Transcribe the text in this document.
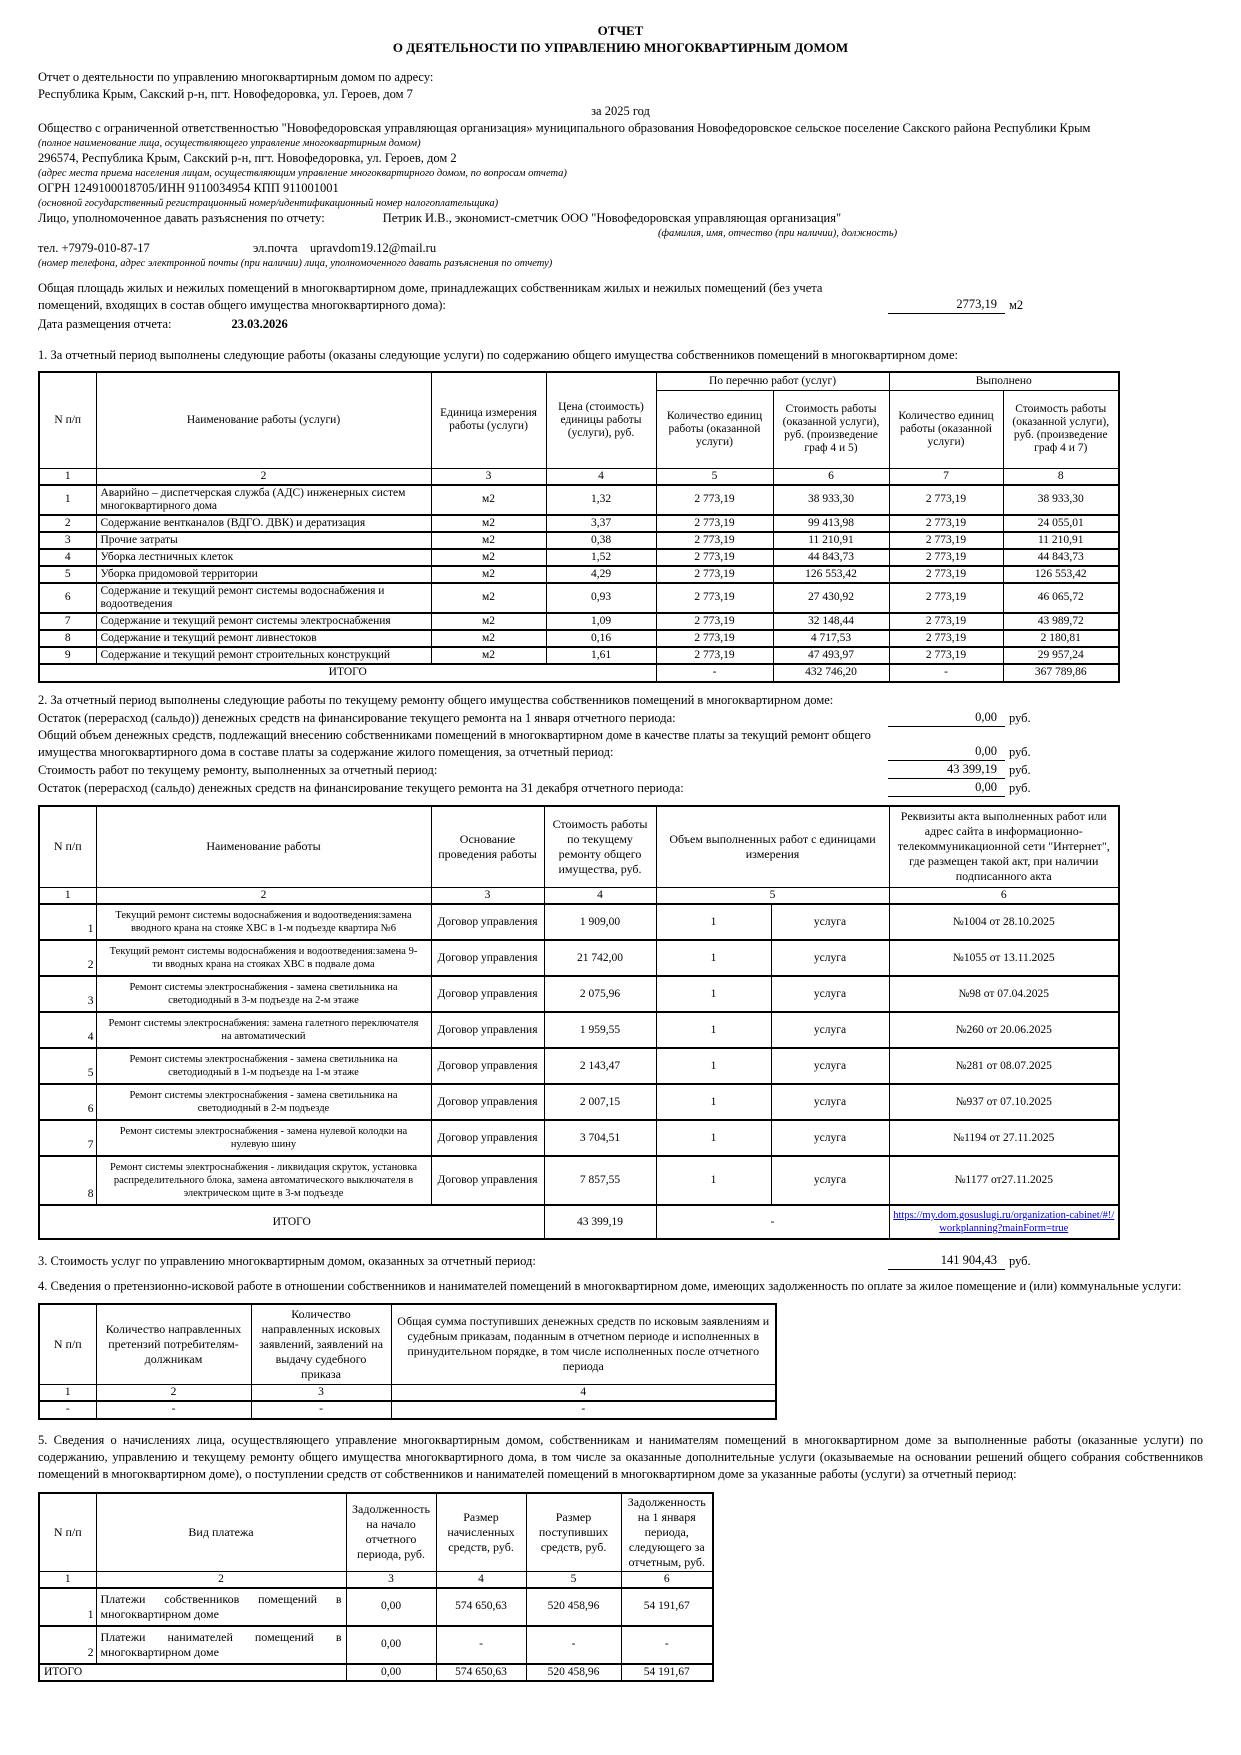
ОТЧЕТ
О ДЕЯТЕЛЬНОСТИ ПО УПРАВЛЕНИЮ МНОГОКВАРТИРНЫМ ДОМОМ
Отчет о деятельности по управлению многоквартирным домом по адресу:
Республика Крым, Сакский р-н, пгт. Новофедоровка, ул. Героев, дом 7
за 2025 год
Общество с ограниченной ответственностью "Новофедоровская управляющая организация» муниципального образования Новофедоровское сельское поселение Сакского района Республики Крым
(полное наименование лица, осуществляющего управление многоквартирным домом)
296574, Республика Крым, Сакский р-н, пгт. Новофедоровка, ул. Героев, дом 2
(адрес места приема населения лицам, осуществляющим управление многоквартирного домом, по вопросам отчета)
ОГРН 1249100018705/ИНН 9110034954 КПП 911001001
(основной государственный регистрационный номер/идентификационный номер налогоплательщика)
Лицо, уполномоченное давать разъяснения по отчету:	Петрик И.В., экономист-сметчик ООО "Новофедоровская управляющая организация"
(фамилия, имя, отчество (при наличии), должность)
тел. +7979-010-87-17	эл.почта upravdom19.12@mail.ru
(номер телефона, адрес электронной почты (при наличии) лица, уполномоченного давать разъяснения по отчету)
Общая площадь жилых и нежилых помещений в многоквартирном доме, принадлежащих собственникам жилых и нежилых помещений (без учета помещений, входящих в состав общего имущества многоквартирного дома):	2773,19 м2
Дата размещения отчета:	23.03.2026
1. За отчетный период выполнены следующие работы (оказаны следующие услуги) по содержанию общего имущества собственников помещений в многоквартирном доме:
N п/п	Наименование работы (услуги)	Единица измерения работы (услуги)	Цена (стоимость) единицы работы (услуги), руб.	По перечню работ (услуг)		Выполнено	
				Количество единиц работы (оказанной услуги)	Стоимость работы (оказанной услуги), руб. (произведение граф 4 и 5)	Количество единиц работы (оказанной услуги)	Стоимость работы (оказанной услуги), руб. (произведение граф 4 и 7)
1	2	3	4	5	6	7	8
1	Аварийно – диспетчерская служба (АДС) инженерных систем многоквартирного дома	м2	1,32	2 773,19	38 933,30	2 773,19	38 933,30
2	Содержание вентканалов (ВДГО. ДВК) и дератизация	м2	3,37	2 773,19	99 413,98	2 773,19	24 055,01
3	Прочие затраты	м2	0,38	2 773,19	11 210,91	2 773,19	11 210,91
4	Уборка лестничных клеток	м2	1,52	2 773,19	44 843,73	2 773,19	44 843,73
5	Уборка придомовой территории	м2	4,29	2 773,19	126 553,42	2 773,19	126 553,42
6	Содержание и текущий ремонт системы водоснабжения и водоотведения	м2	0,93	2 773,19	27 430,92	2 773,19	46 065,72
7	Содержание и текущий ремонт системы электроснабжения	м2	1,09	2 773,19	32 148,44	2 773,19	43 989,72
8	Содержание и текущий ремонт ливнестоков	м2	0,16	2 773,19	4 717,53	2 773,19	2 180,81
9	Содержание и текущий ремонт строительных конструкций	м2	1,61	2 773,19	47 493,97	2 773,19	29 957,24
ИТОГО				-	432 746,20	-	367 789,86
2. За отчетный период выполнены следующие работы по текущему ремонту общего имущества собственников помещений в многоквартирном доме:
Остаток (перерасход (сальдо)) денежных средств на финансирование текущего ремонта на 1 января отчетного периода:	0,00 руб.
Общий объем денежных средств, подлежащий внесению собственниками помещений в многоквартирном доме в качестве платы за текущий ремонт общего имущества многоквартирного дома в составе платы за содержание жилого помещения, за отчетный период:	0,00 руб.
Стоимость работ по текущему ремонту, выполненных за отчетный период:	43 399,19 руб.
Остаток (перерасход (сальдо) денежных средств на финансирование текущего ремонта на 31 декабря отчетного периода:	0,00 руб.
N п/п	Наименование работы	Основание проведения работы	Стоимость работы по текущему ремонту общего имущества, руб.	Объем выполненных работ с единицами измерения		Реквизиты акта выполненных работ или адрес сайта в информационно-телекоммуникационной сети "Интернет", где размещен такой акт, при наличии подписанного акта
1	2	3	4	5		6
1	Текущий ремонт системы водоснабжения и водоотведения:замена вводного крана на стояке ХВС в 1-м подъезде квартира №6	Договор управления	1 909,00	1	услуга	№1004 от 28.10.2025
2	Текущий ремонт системы водоснабжения и водоотведения:замена 9-ти вводных крана на стояках ХВС в подвале дома	Договор управления	21 742,00	1	услуга	№1055 от 13.11.2025
3	Ремонт системы электроснабжения - замена светильника на светодиодный в 3-м подъезде на 2-м этаже	Договор управления	2 075,96	1	услуга	№98 от 07.04.2025
4	Ремонт системы электроснабжения: замена галетного переключателя на автоматический	Договор управления	1 959,55	1	услуга	№260 от 20.06.2025
5	Ремонт системы электроснабжения - замена светильника на светодиодный в 1-м подъезде на 1-м этаже	Договор управления	2 143,47	1	услуга	№281 от 08.07.2025
6	Ремонт системы электроснабжения - замена светильника на светодиодный в 2-м подъезде	Договор управления	2 007,15	1	услуга	№937 от 07.10.2025
7	Ремонт системы электроснабжения - замена нулевой колодки на нулевую шину	Договор управления	3 704,51	1	услуга	№1194 от 27.11.2025
8	Ремонт системы электроснабжения - ликвидация скруток, установка распределительного блока, замена автоматического выключателя в электрическом щите в 3-м подъезде	Договор управления	7 857,55	1	услуга	№1177 от27.11.2025
ИТОГО			43 399,19	-		https://my.dom.gosuslugi.ru/organization-cabinet/#!/workplanning?mainForm=true
3. Стоимость услуг по управлению многоквартирным домом, оказанных за отчетный период:	141 904,43 руб.
4. Сведения о претензионно-исковой работе в отношении собственников и нанимателей помещений в многоквартирном доме, имеющих задолженность по оплате за жилое помещение и (или) коммунальные услуги:
N п/п	Количество направленных претензий потребителям-должникам	Количество направленных исковых заявлений, заявлений на выдачу судебного приказа	Общая сумма поступивших денежных средств по исковым заявлениям и судебным приказам, поданным в отчетном периоде и исполненных в принудительном порядке, в том числе исполненных после отчетного периода
1	2	3	4
-	-	-	-
5. Сведения о начислениях лица, осуществляющего управление многоквартирным домом, собственникам и нанимателям помещений в многоквартирном доме за выполненные работы (оказанные услуги) по содержанию, управлению и текущему ремонту общего имущества многоквартирного дома, в том числе за оказанные дополнительные услуги (оказываемые на основании решений общего собрания собственников помещений в многоквартирном доме), о поступлении средств от собственников и нанимателей помещений в многоквартирном доме за указанные работы (услуги) за отчетный период:
N п/п	Вид платежа	Задолженность на начало отчетного периода, руб.	Размер начисленных средств, руб.	Размер поступивших средств, руб.	Задолженность на 1 января периода, следующего за отчетным, руб.
1	2	3	4	5	6
1	Платежи собственников помещений в многоквартирном доме	0,00	574 650,63	520 458,96	54 191,67
2	Платежи нанимателей помещений в многоквартирном доме	0,00	-	-	-
ИТОГО		0,00	574 650,63	520 458,96	54 191,67
